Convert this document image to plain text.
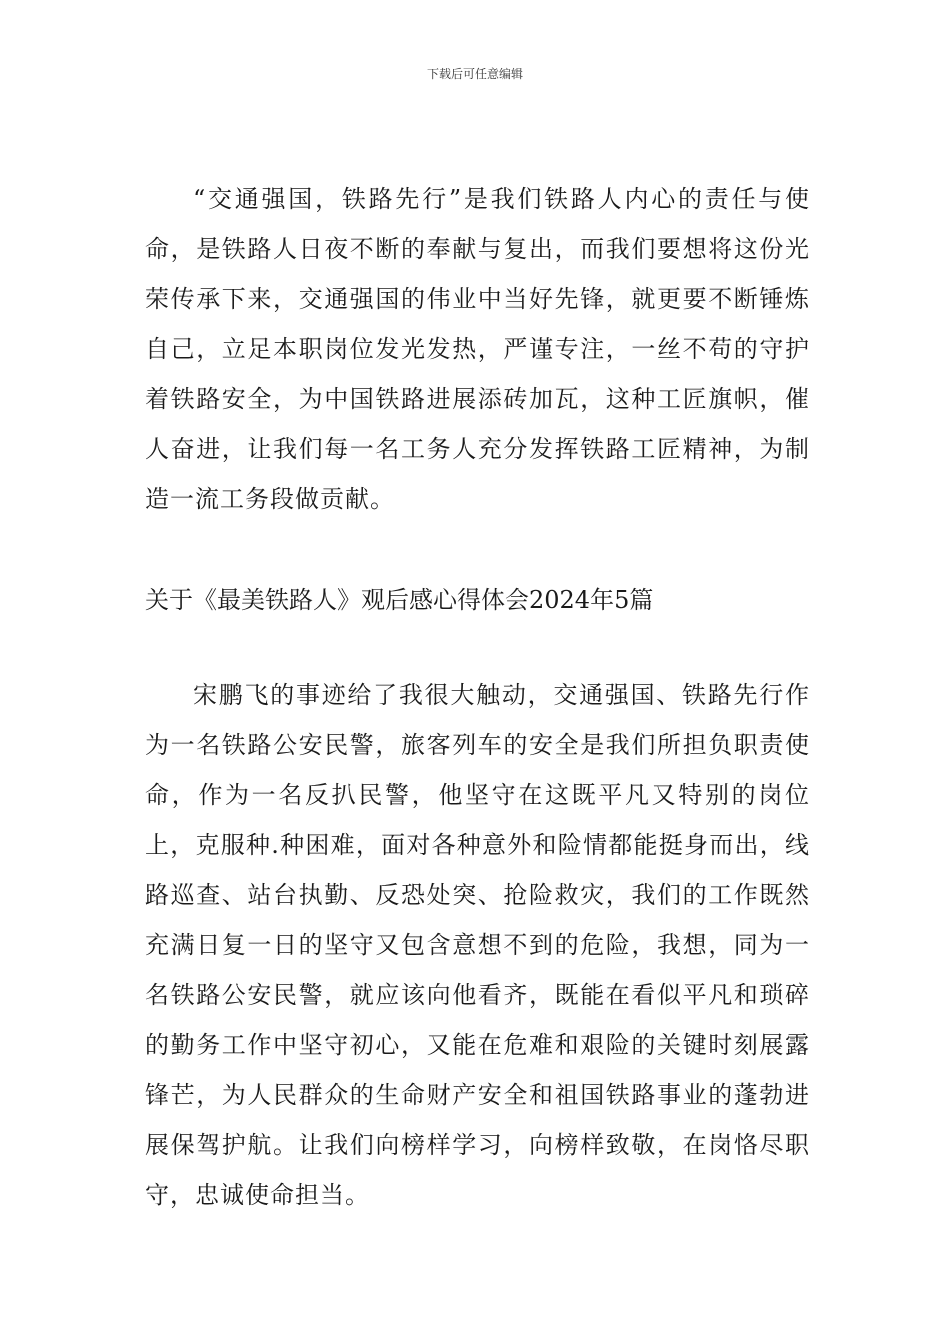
下载后可任意编辑

“交通强国，铁路先行”是我们铁路人内心的责任与使命，是铁路人日夜不断的奉献与复出，而我们要想将这份光荣传承下来，交通强国的伟业中当好先锋，就更要不断锤炼自己，立足本职岗位发光发热，严谨专注，一丝不苟的守护着铁路安全，为中国铁路进展添砖加瓦，这种工匠旗帜，催人奋进，让我们每一名工务人充分发挥铁路工匠精神，为制造一流工务段做贡献。

关于《最美铁路人》观后感心得体会2024年5篇

宋鹏飞的事迹给了我很大触动，交通强国、铁路先行作为一名铁路公安民警，旅客列车的安全是我们所担负职责使命，作为一名反扒民警，他坚守在这既平凡又特别的岗位上，克服种.种困难，面对各种意外和险情都能挺身而出，线路巡查、站台执勤、反恐处突、抢险救灾，我们的工作既然充满日复一日的坚守又包含意想不到的危险，我想，同为一名铁路公安民警，就应该向他看齐，既能在看似平凡和琐碎的勤务工作中坚守初心，又能在危难和艰险的关键时刻展露锋芒，为人民群众的生命财产安全和祖国铁路事业的蓬勃进展保驾护航。让我们向榜样学习，向榜样致敬，在岗恪尽职守，忠诚使命担当。
